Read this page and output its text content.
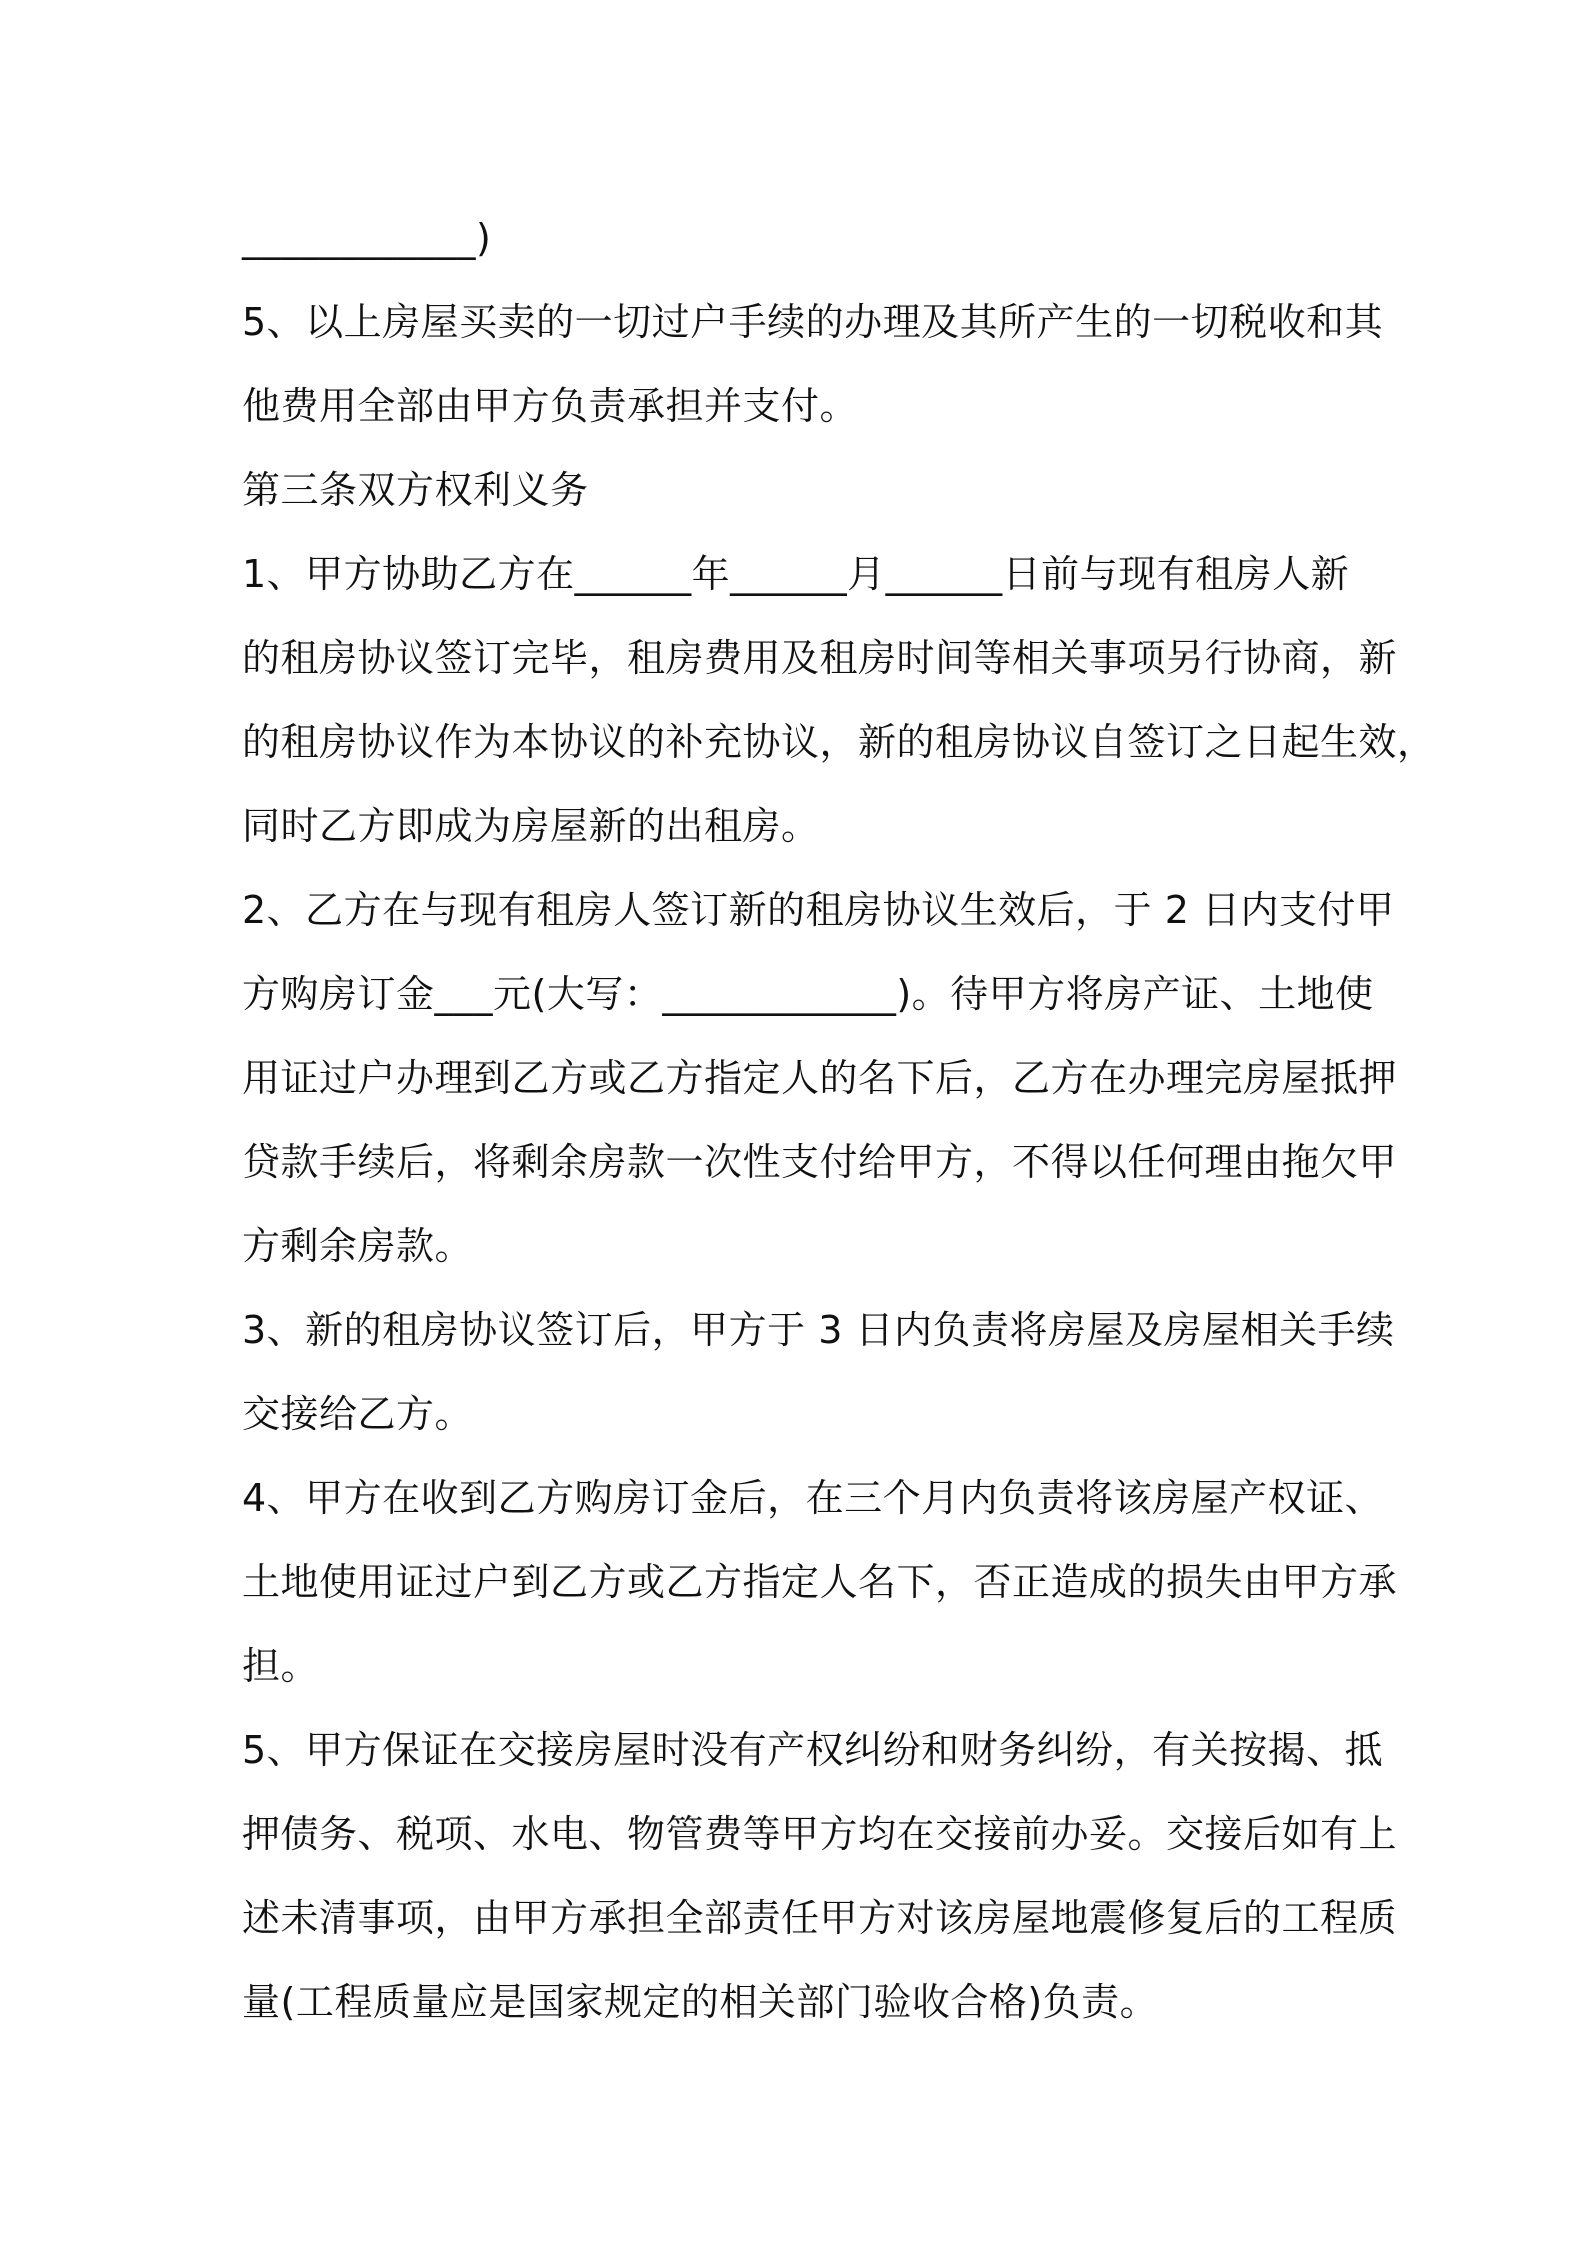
____________)
5、以上房屋买卖的一切过户手续的办理及其所产生的一切税收和其
他费用全部由甲方负责承担并支付。
第三条双方权利义务
1、甲方协助乙方在______年______月______日前与现有租房人新
的租房协议签订完毕，租房费用及租房时间等相关事项另行协商，新
的租房协议作为本协议的补充协议，新的租房协议自签订之日起生效，
同时乙方即成为房屋新的出租房。
2、乙方在与现有租房人签订新的租房协议生效后，于 2 日内支付甲
方购房订金___元(大写：____________)。待甲方将房产证、土地使
用证过户办理到乙方或乙方指定人的名下后，乙方在办理完房屋抵押
贷款手续后，将剩余房款一次性支付给甲方，不得以任何理由拖欠甲
方剩余房款。
3、新的租房协议签订后，甲方于 3 日内负责将房屋及房屋相关手续
交接给乙方。
4、甲方在收到乙方购房订金后，在三个月内负责将该房屋产权证、
土地使用证过户到乙方或乙方指定人名下，否正造成的损失由甲方承
担。
5、甲方保证在交接房屋时没有产权纠纷和财务纠纷，有关按揭、抵
押债务、税项、水电、物管费等甲方均在交接前办妥。交接后如有上
述未清事项，由甲方承担全部责任甲方对该房屋地震修复后的工程质
量(工程质量应是国家规定的相关部门验收合格)负责。
